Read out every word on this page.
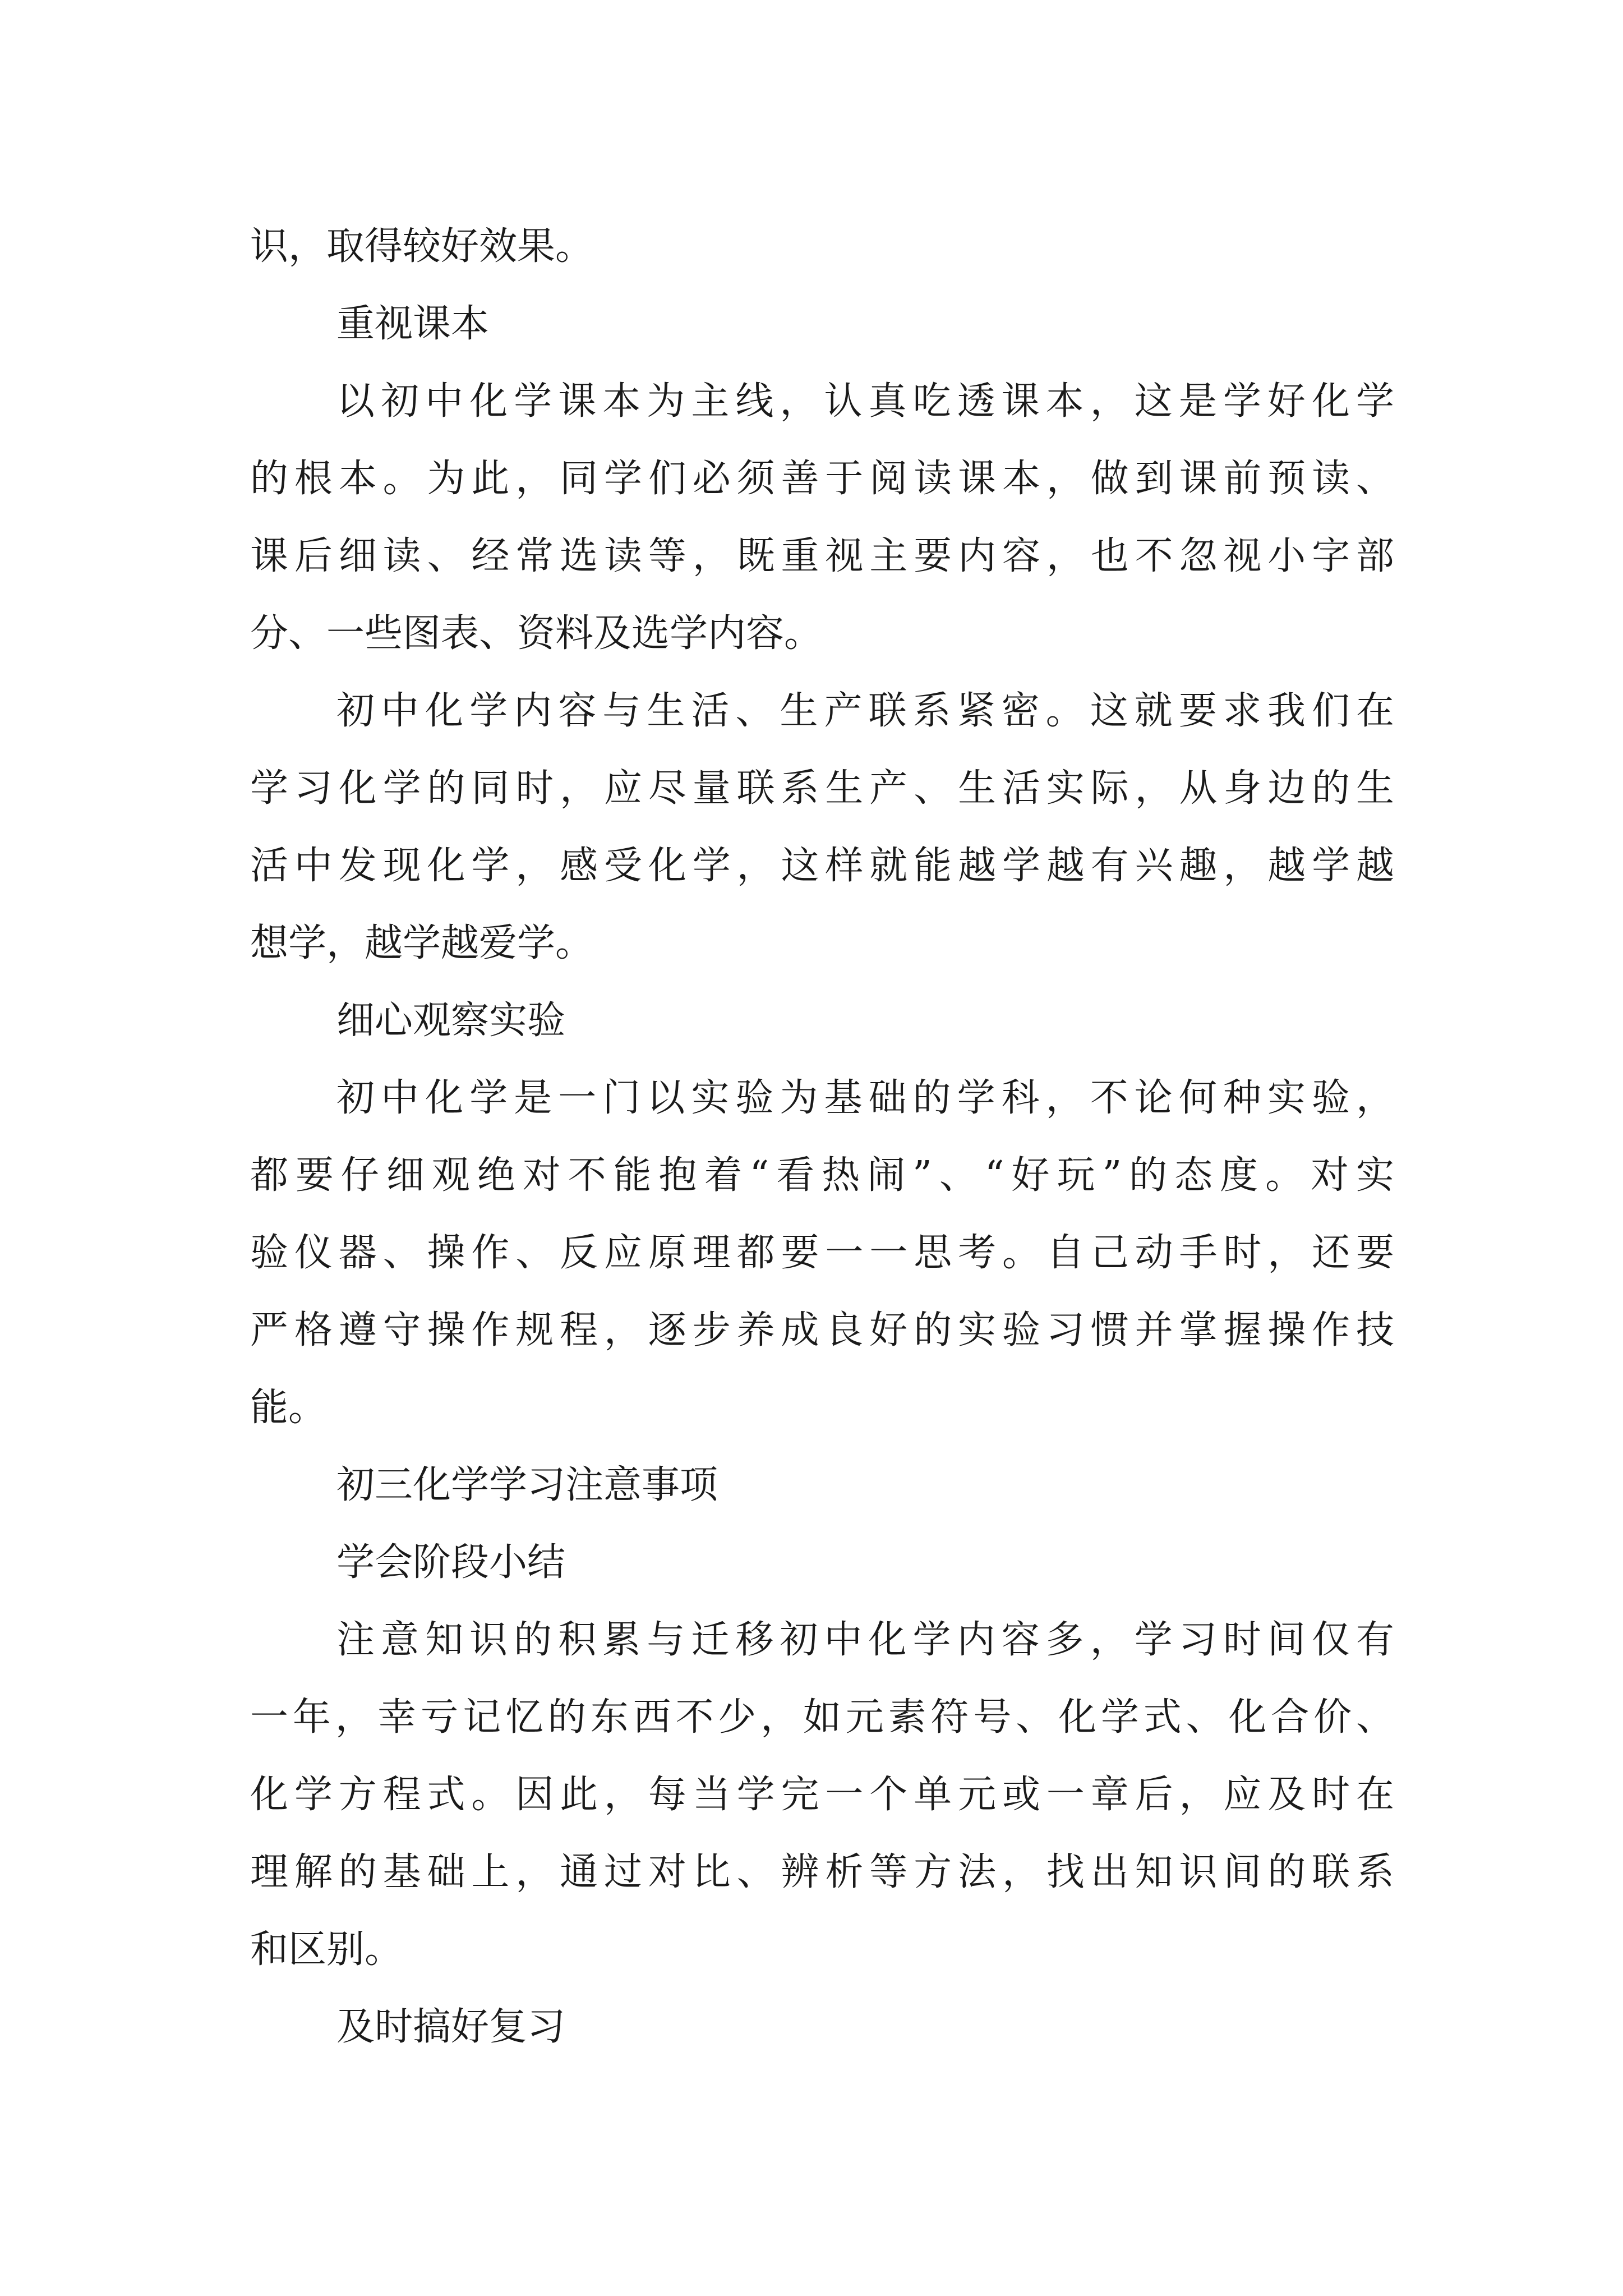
识，取得较好效果。
重视课本
以初中化学课本为主线，认真吃透课本，这是学好化学
的根本。为此，同学们必须善于阅读课本，做到课前预读、
课后细读、经常选读等，既重视主要内容，也不忽视小字部
分、一些图表、资料及选学内容。
初中化学内容与生活、生产联系紧密。这就要求我们在
学习化学的同时，应尽量联系生产、生活实际，从身边的生
活中发现化学，感受化学，这样就能越学越有兴趣，越学越
想学，越学越爱学。
细心观察实验
初中化学是一门以实验为基础的学科，不论何种实验，
都要仔细观绝对不能抱着“看热闹”、“好玩”的态度。对实
验仪器、操作、反应原理都要一一思考。自己动手时，还要
严格遵守操作规程，逐步养成良好的实验习惯并掌握操作技
能。
初三化学学习注意事项
学会阶段小结
注意知识的积累与迁移初中化学内容多，学习时间仅有
一年，幸亏记忆的东西不少，如元素符号、化学式、化合价、
化学方程式。因此，每当学完一个单元或一章后，应及时在
理解的基础上，通过对比、辨析等方法，找出知识间的联系
和区别。
及时搞好复习
